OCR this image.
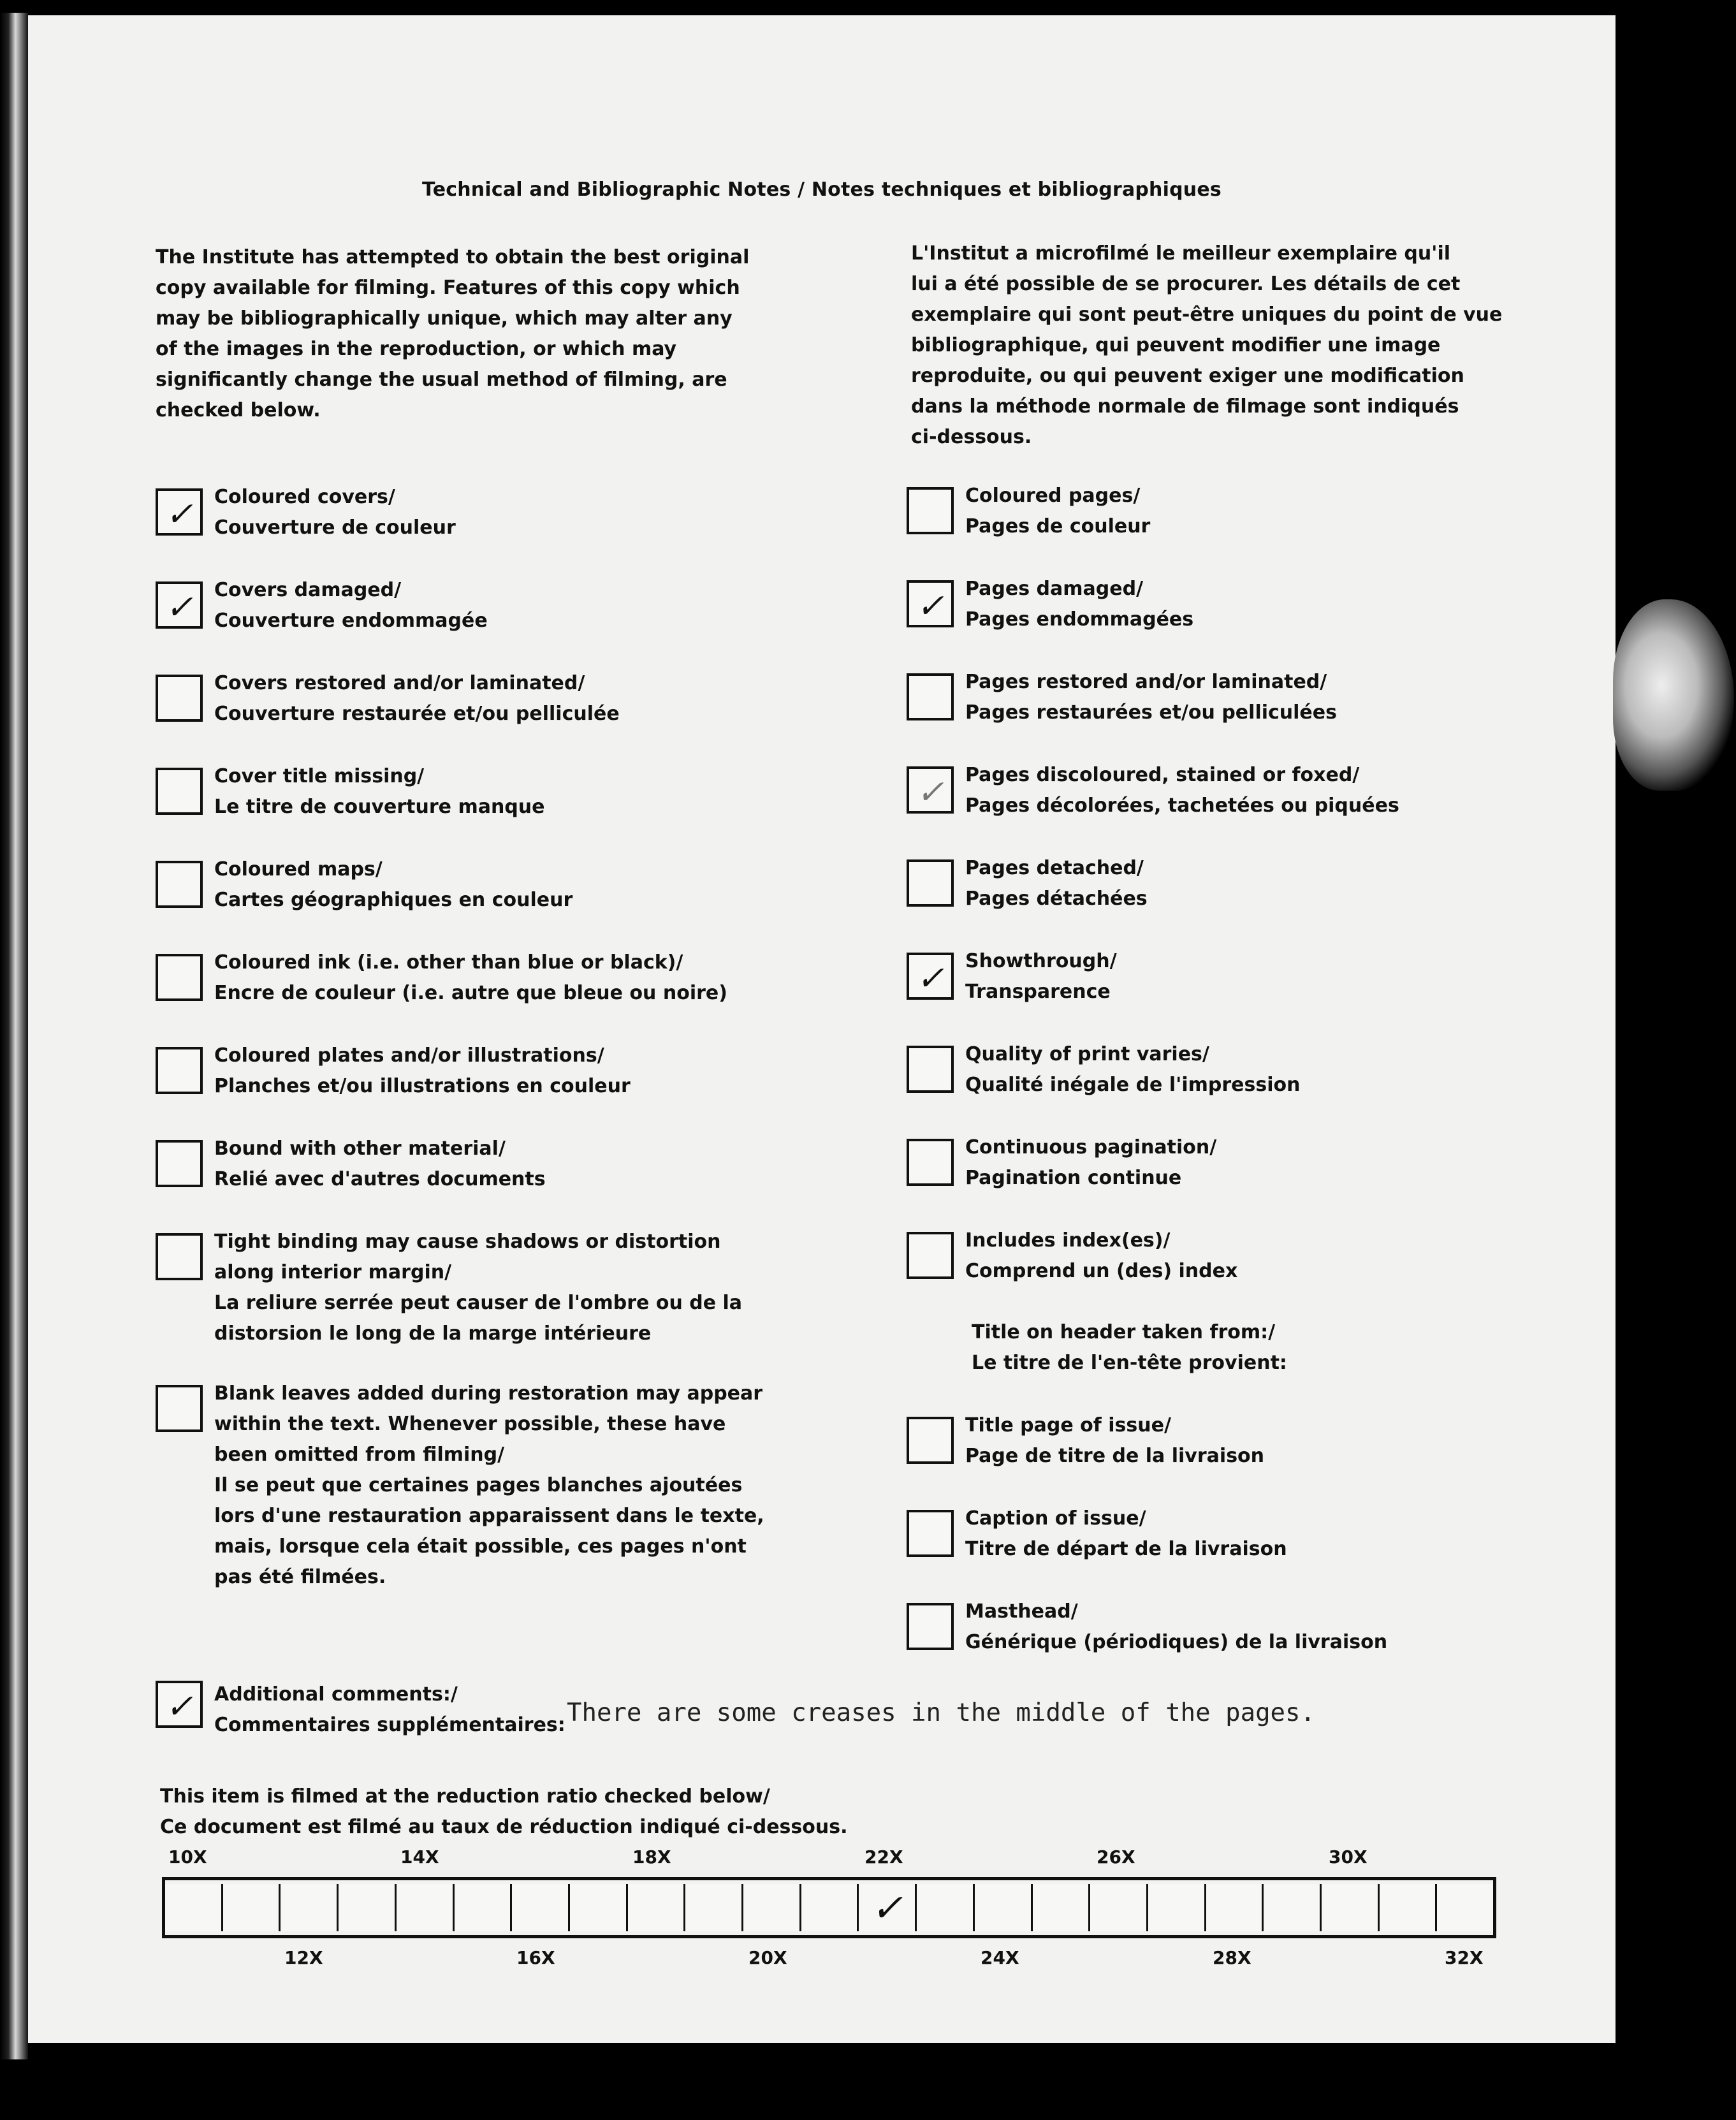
Technical and Bibliographic Notes / Notes techniques et bibliographiques
The Institute has attempted to obtain the best original
copy available for filming. Features of this copy which
may be bibliographically unique, which may alter any
of the images in the reproduction, or which may
significantly change the usual method of filming, are
checked below.
L'Institut a microfilmé le meilleur exemplaire qu'il
lui a été possible de se procurer. Les détails de cet
exemplaire qui sont peut-être uniques du point de vue
bibliographique, qui peuvent modifier une image
reproduite, ou qui peuvent exiger une modification
dans la méthode normale de filmage sont indiqués
ci-dessous.
✓	Coloured covers/
Couverture de couleur
✓	Covers damaged/
Couverture endommagée
Covers restored and/or laminated/
Couverture restaurée et/ou pelliculée
Cover title missing/
Le titre de couverture manque
Coloured maps/
Cartes géographiques en couleur
Coloured ink (i.e. other than blue or black)/
Encre de couleur (i.e. autre que bleue ou noire)
Coloured plates and/or illustrations/
Planches et/ou illustrations en couleur
Bound with other material/
Relié avec d'autres documents
Tight binding may cause shadows or distortion
along interior margin/
La reliure serrée peut causer de l'ombre ou de la
distorsion le long de la marge intérieure
Blank leaves added during restoration may appear
within the text. Whenever possible, these have
been omitted from filming/
Il se peut que certaines pages blanches ajoutées
lors d'une restauration apparaissent dans le texte,
mais, lorsque cela était possible, ces pages n'ont
pas été filmées.
Coloured pages/
Pages de couleur
✓	Pages damaged/
Pages endommagées
Pages restored and/or laminated/
Pages restaurées et/ou pelliculées
✓	Pages discoloured, stained or foxed/
Pages décolorées, tachetées ou piquées
Pages detached/
Pages détachées
✓	Showthrough/
Transparence
Quality of print varies/
Qualité inégale de l'impression
Continuous pagination/
Pagination continue
Includes index(es)/
Comprend un (des) index
Title on header taken from:/
Le titre de l'en-tête provient:
Title page of issue/
Page de titre de la livraison
Caption of issue/
Titre de départ de la livraison
Masthead/
Générique (périodiques) de la livraison
✓	Additional comments:/
Commentaires supplémentaires: There are some creases in the middle of the pages.
This item is filmed at the reduction ratio checked below/
Ce document est filmé au taux de réduction indiqué ci-dessous.
10X	14X	18X	22X	26X	30X
✓
12X	16X	20X	24X	28X	32X
